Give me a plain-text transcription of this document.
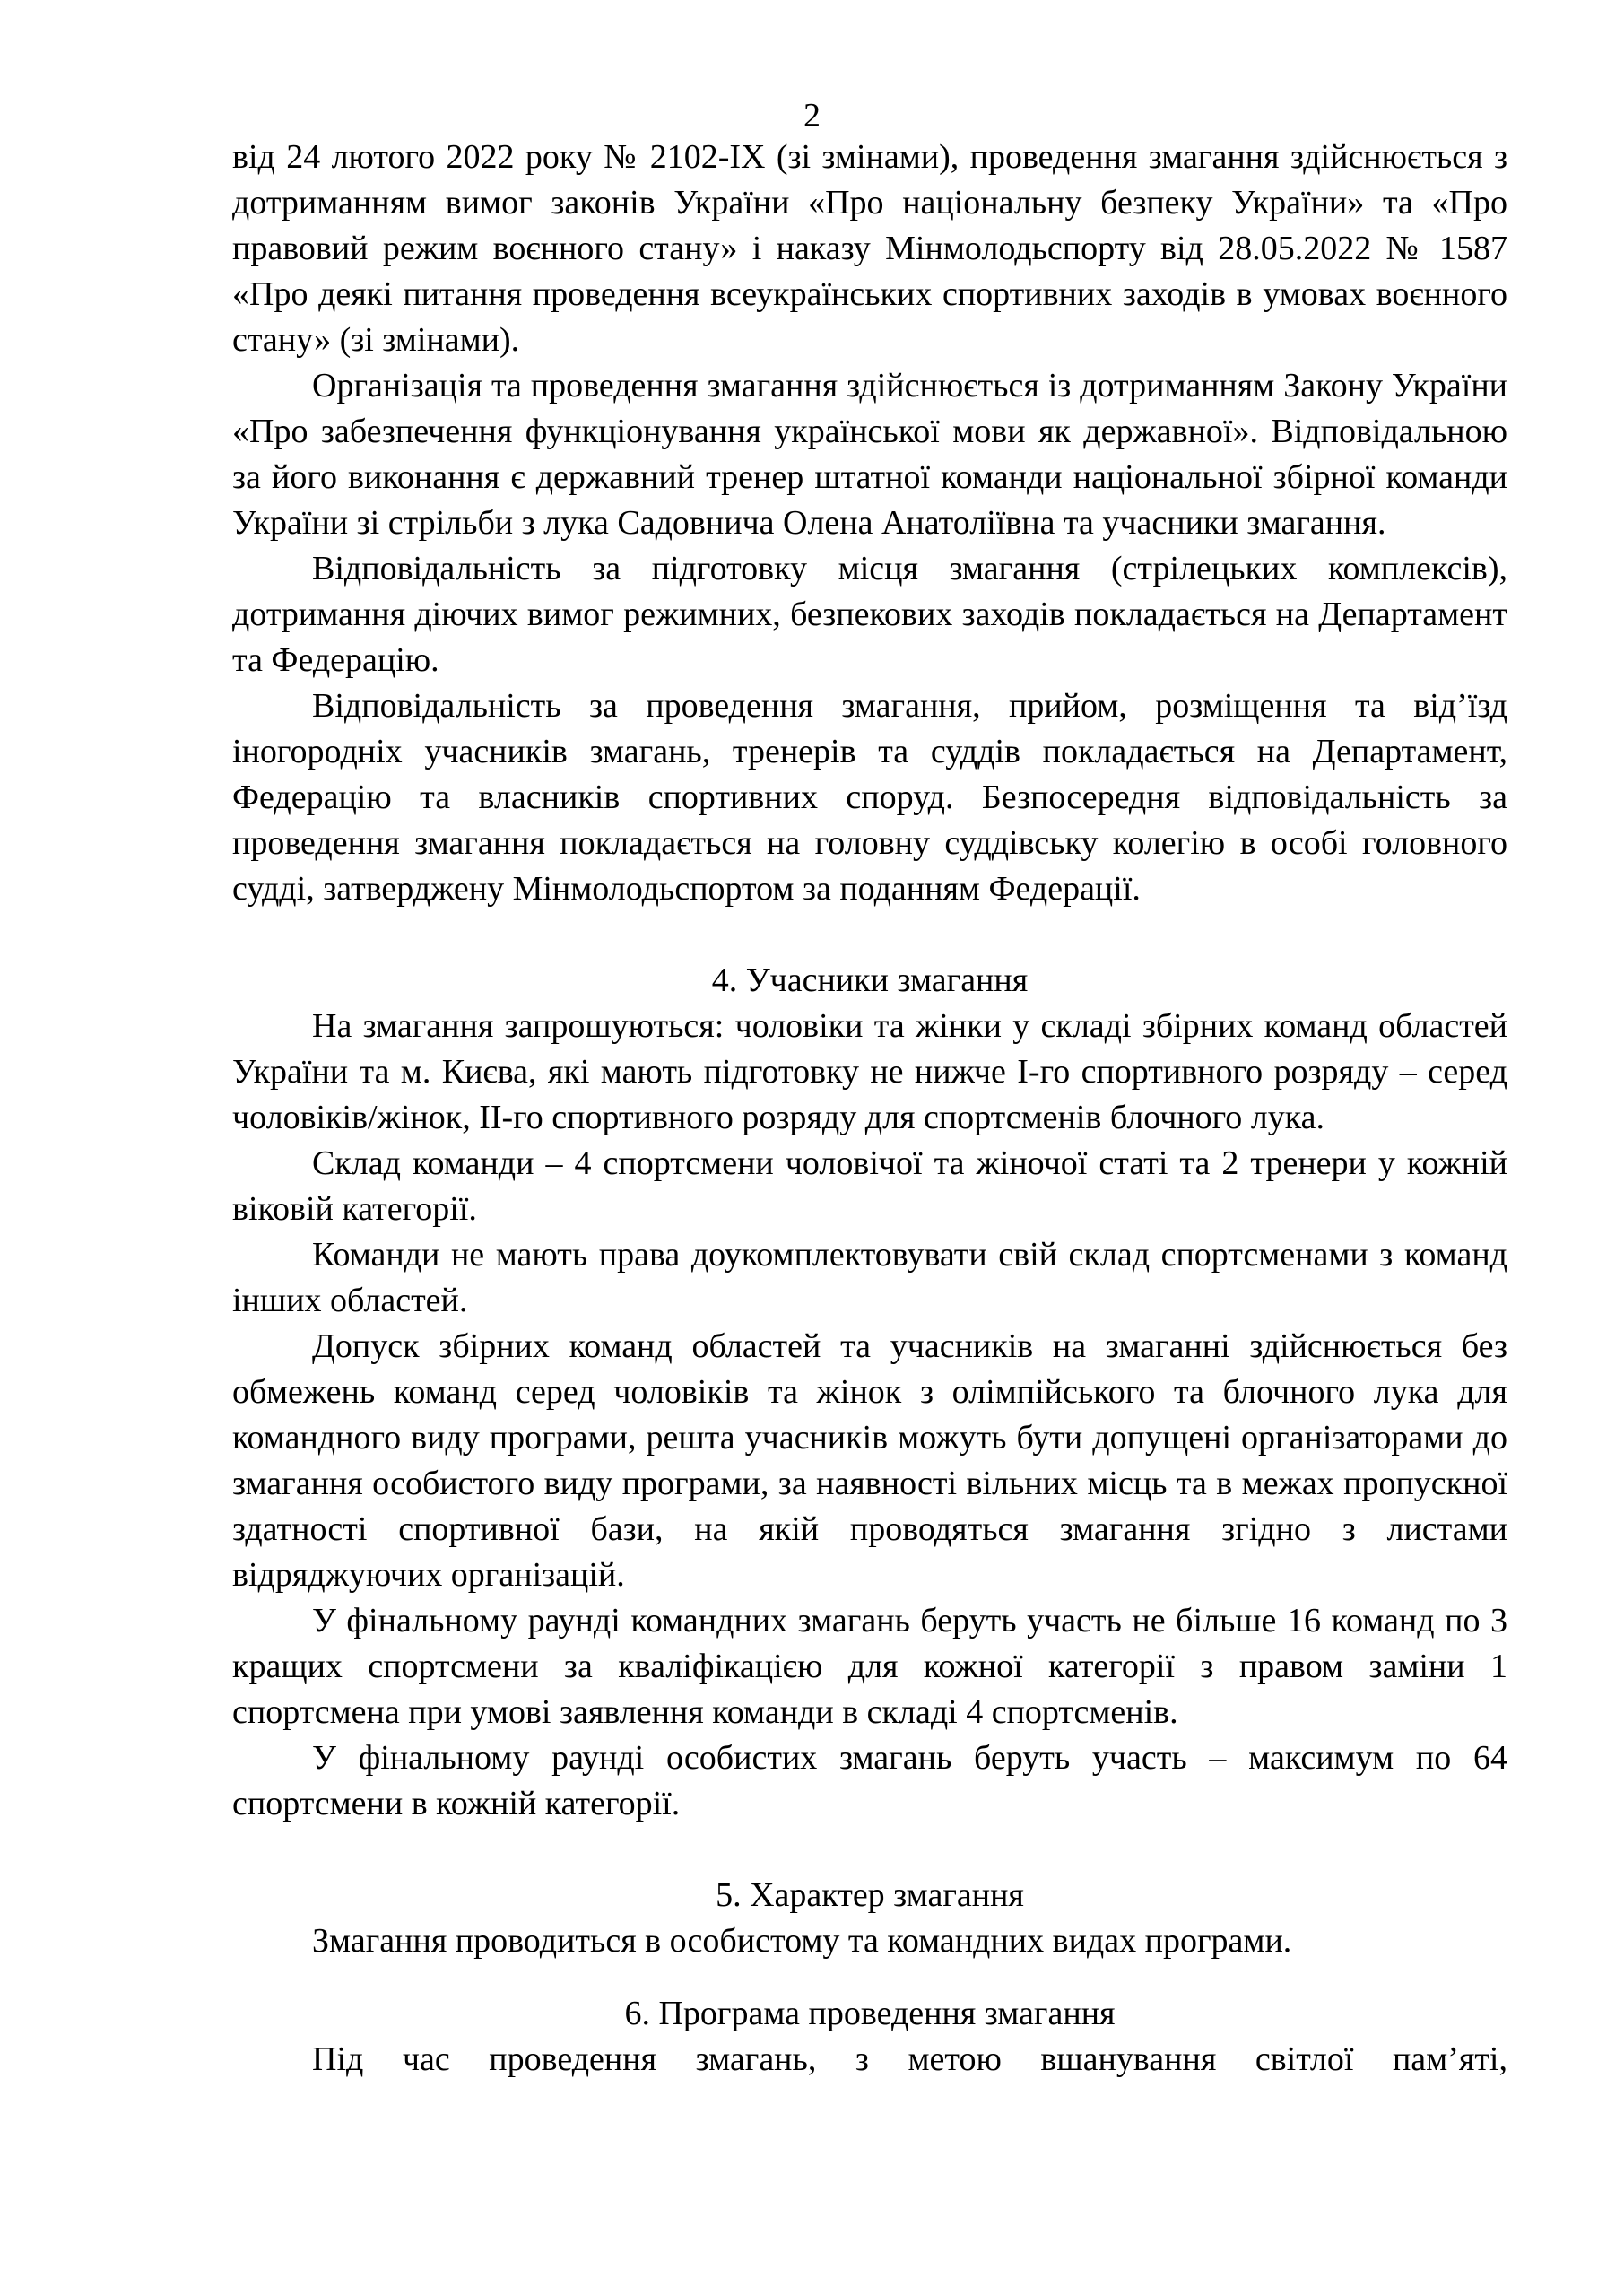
2

від 24 лютого 2022 року № 2102-IX (зі змінами), проведення змагання здійснюється з дотриманням вимог законів України «Про національну безпеку України» та «Про правовий режим воєнного стану» і наказу Мінмолодьспорту від 28.05.2022 № 1587 «Про деякі питання проведення всеукраїнських спортивних заходів в умовах воєнного стану» (зі змінами).

Організація та проведення змагання здійснюється із дотриманням Закону України «Про забезпечення функціонування української мови як державної». Відповідальною за його виконання є державний тренер штатної команди національної збірної команди України зі стрільби з лука Садовнича Олена Анатоліївна та учасники змагання.

Відповідальність за підготовку місця змагання (стрілецьких комплексів), дотримання діючих вимог режимних, безпекових заходів покладається на Департамент та Федерацію.

Відповідальність за проведення змагання, прийом, розміщення та від’їзд іногородніх учасників змагань, тренерів та суддів покладається на Департамент, Федерацію та власників спортивних споруд. Безпосередня відповідальність за проведення змагання покладається на головну суддівську колегію в особі головного судді, затверджену Мінмолодьспортом за поданням Федерації.

4. Учасники змагання

На змагання запрошуються: чоловіки та жінки у складі збірних команд областей України та м. Києва, які мають підготовку не нижче I-го спортивного розряду – серед чоловіків/жінок, II-го спортивного розряду для спортсменів блочного лука.

Склад команди – 4 спортсмени чоловічої та жіночої статі та 2 тренери у кожній віковій категорії.

Команди не мають права доукомплектовувати свій склад спортсменами з команд інших областей.

Допуск збірних команд областей та учасників на змаганні здійснюється без обмежень команд серед чоловіків та жінок з олімпійського та блочного лука для командного виду програми, решта учасників можуть бути допущені організаторами до змагання особистого виду програми, за наявності вільних місць та в межах пропускної здатності спортивної бази, на якій проводяться змагання згідно з листами відряджуючих організацій.

У фінальному раунді командних змагань беруть участь не більше 16 команд по 3 кращих спортсмени за кваліфікацією для кожної категорії з правом заміни 1 спортсмена при умові заявлення команди в складі 4 спортсменів.

У фінальному раунді особистих змагань беруть участь – максимум по 64 спортсмени в кожній категорії.

5. Характер змагання

Змагання проводиться в особистому та командних видах програми.

6. Програма проведення змагання

Під час проведення змагань, з метою вшанування світлої пам’яті,
